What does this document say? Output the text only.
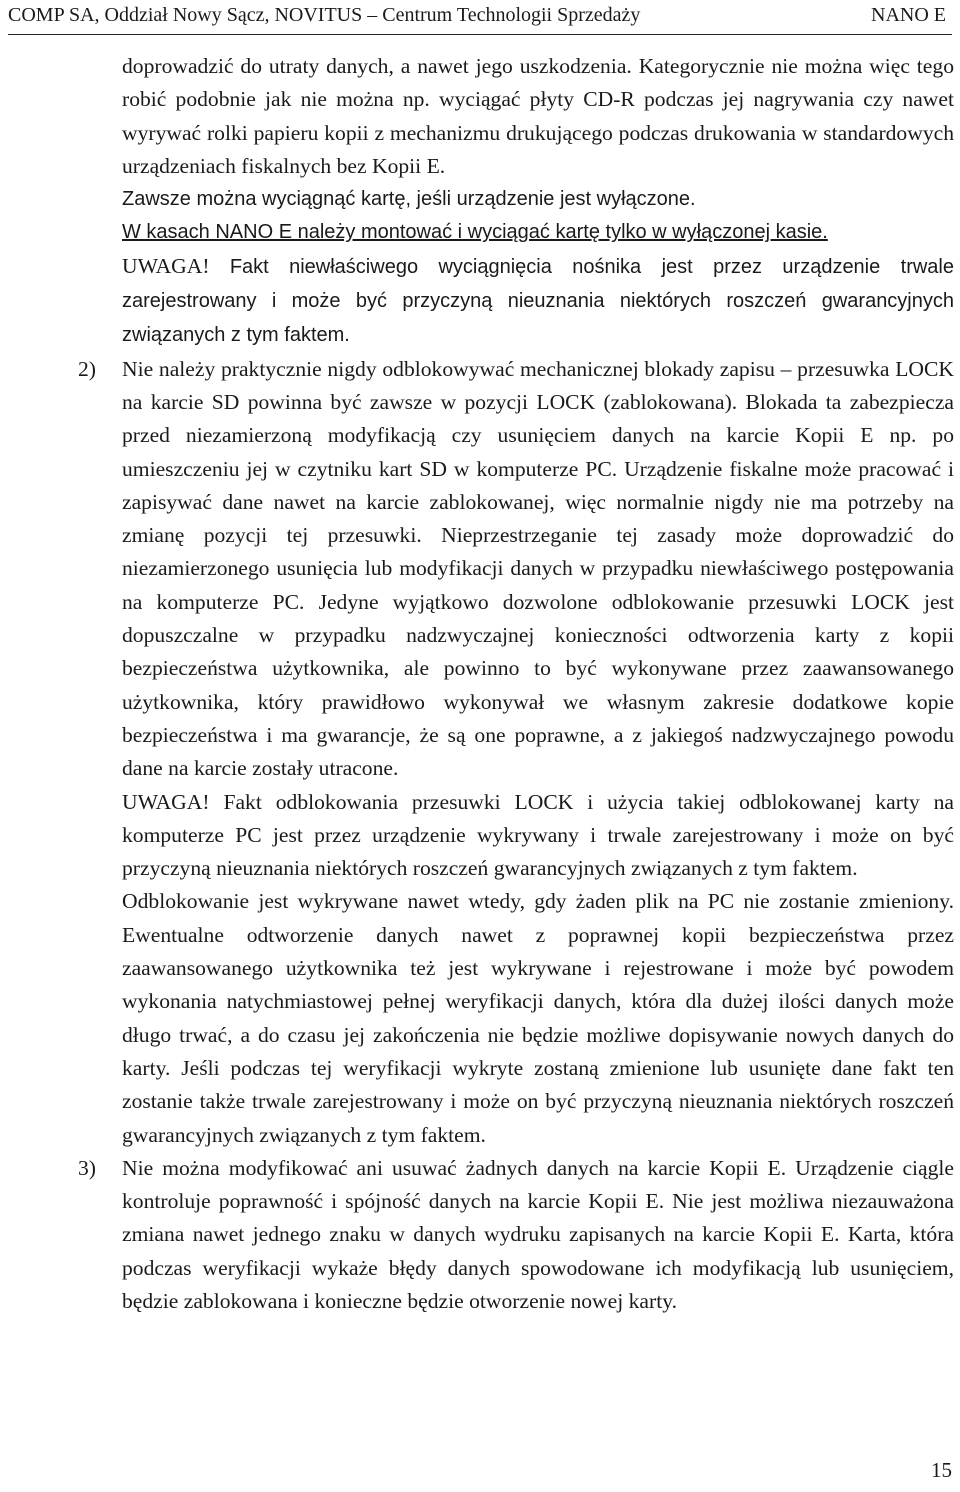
COMP SA, Oddział Nowy Sącz, NOVITUS – Centrum Technologii Sprzedaży	NANO E

doprowadzić do utraty danych, a nawet jego uszkodzenia. Kategorycznie nie można więc tego robić podobnie jak nie można np. wyciągać płyty CD-R podczas jej nagrywania czy nawet wyrywać rolki papieru kopii z mechanizmu drukującego podczas drukowania w standardowych urządzeniach fiskalnych bez Kopii E.

Zawsze można wyciągnąć kartę, jeśli urządzenie jest wyłączone.

W kasach NANO E należy montować i wyciągać kartę tylko w wyłączonej kasie.

UWAGA! Fakt niewłaściwego wyciągnięcia nośnika jest przez urządzenie trwale zarejestrowany i może być przyczyną nieuznania niektórych roszczeń gwarancyjnych związanych z tym faktem.

2) Nie należy praktycznie nigdy odblokowywać mechanicznej blokady zapisu – przesuwka LOCK na karcie SD powinna być zawsze w pozycji LOCK (zablokowana). Blokada ta zabezpiecza przed niezamierzoną modyfikacją czy usunięciem danych na karcie Kopii E np. po umieszczeniu jej w czytniku kart SD w komputerze PC. Urządzenie fiskalne może pracować i zapisywać dane nawet na karcie zablokowanej, więc normalnie nigdy nie ma potrzeby na zmianę pozycji tej przesuwki. Nieprzestrzeganie tej zasady może doprowadzić do niezamierzonego usunięcia lub modyfikacji danych w przypadku niewłaściwego postępowania na komputerze PC. Jedyne wyjątkowo dozwolone odblokowanie przesuwki LOCK jest dopuszczalne w przypadku nadzwyczajnej konieczności odtworzenia karty z kopii bezpieczeństwa użytkownika, ale powinno to być wykonywane przez zaawansowanego użytkownika, który prawidłowo wykonywał we własnym zakresie dodatkowe kopie bezpieczeństwa i ma gwarancje, że są one poprawne, a z jakiegoś nadzwyczajnego powodu dane na karcie zostały utracone.

UWAGA! Fakt odblokowania przesuwki LOCK i użycia takiej odblokowanej karty na komputerze PC jest przez urządzenie wykrywany i trwale zarejestrowany i może on być przyczyną nieuznania niektórych roszczeń gwarancyjnych związanych z tym faktem.

Odblokowanie jest wykrywane nawet wtedy, gdy żaden plik na PC nie zostanie zmieniony. Ewentualne odtworzenie danych nawet z poprawnej kopii bezpieczeństwa przez zaawansowanego użytkownika też jest wykrywane i rejestrowane i może być powodem wykonania natychmiastowej pełnej weryfikacji danych, która dla dużej ilości danych może długo trwać, a do czasu jej zakończenia nie będzie możliwe dopisywanie nowych danych do karty. Jeśli podczas tej weryfikacji wykryte zostaną zmienione lub usunięte dane fakt ten zostanie także trwale zarejestrowany i może on być przyczyną nieuznania niektórych roszczeń gwarancyjnych związanych z tym faktem.

3) Nie można modyfikować ani usuwać żadnych danych na karcie Kopii E. Urządzenie ciągle kontroluje poprawność i spójność danych na karcie Kopii E. Nie jest możliwa niezauważona zmiana nawet jednego znaku w danych wydruku zapisanych na karcie Kopii E. Karta, która podczas weryfikacji wykaże błędy danych spowodowane ich modyfikacją lub usunięciem, będzie zablokowana i konieczne będzie otworzenie nowej karty.

15
